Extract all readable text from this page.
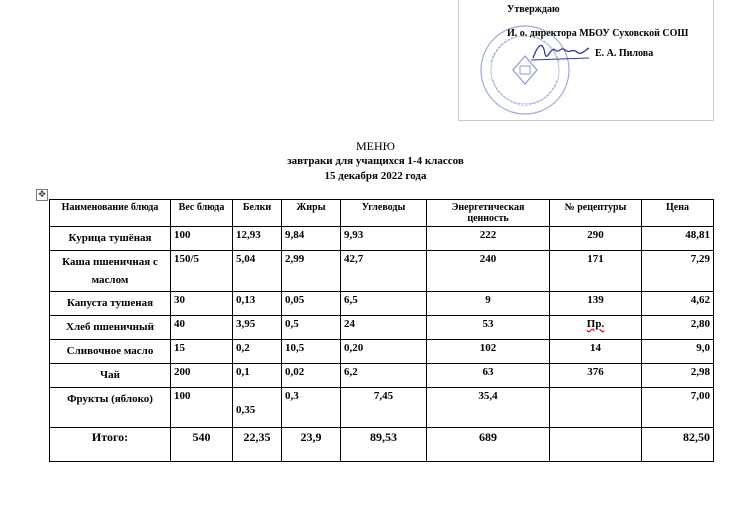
Утверждаю
И. о. директора МБОУ Суховской СОШ
Е. А. Пилова
МЕНЮ
завтраки для учащихся 1-4 классов
15 декабря 2022 года
✥
Наименование блюда	Вес блюда	Белки	Жиры	Углеводы	Энергетическая ценность	№ рецептуры	Цена
Курица тушёная	100	12,93	9,84	9,93	222	290	48,81
Каша пшеничная с маслом	150/5	5,04	2,99	42,7	240	171	7,29
Капуста тушеная	30	0,13	0,05	6,5	9	139	4,62
Хлеб пшеничный	40	3,95	0,5	24	53	Пр.	2,80
Сливочное масло	15	0,2	10,5	0,20	102	14	9,0
Чай	200	0,1	0,02	6,2	63	376	2,98
Фрукты (яблоко)	100	0,35	0,3	7,45	35,4		7,00
Итого:	540	22,35	23,9	89,53	689		82,50
